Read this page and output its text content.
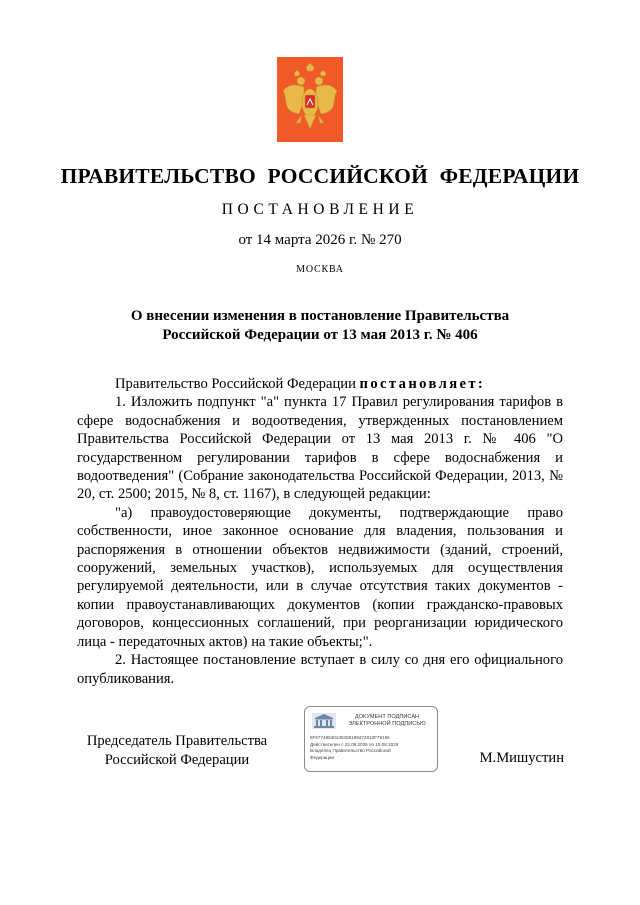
ПРАВИТЕЛЬСТВО РОССИЙСКОЙ ФЕДЕРАЦИИ
ПОСТАНОВЛЕНИЕ
от 14 марта 2026 г. № 270
МОСКВА
О внесении изменения в постановление Правительства
Российской Федерации от 13 мая 2013 г. № 406

Правительство Российской Федерации постановляет:

1. Изложить подпункт "а" пункта 17 Правил регулирования тарифов в сфере водоснабжения и водоотведения, утвержденных постановлением Правительства Российской Федерации от 13 мая 2013 г. № 406 "О государственном регулировании тарифов в сфере водоснабжения и водоотведения" (Собрание законодательства Российской Федерации, 2013, № 20, ст. 2500; 2015, № 8, ст. 1167), в следующей редакции:

"а) правоудостоверяющие документы, подтверждающие право собственности, иное законное основание для владения, пользования и распоряжения в отношении объектов недвижимости (зданий, строений, сооружений, земельных участков), используемых для осуществления регулируемой деятельности, или в случае отсутствия таких документов - копии правоустанавливающих документов (копии гражданско-правовых договоров, концессионных соглашений, при реорганизации юридического лица - передаточных актов) на такие объекты;".

2. Настоящее постановление вступает в силу со дня его официального опубликования.

Председатель Правительства
Российской Федерации
ДОКУМЕНТ ПОДПИСАН
ЭЛЕКТРОННОЙ ПОДПИСЬЮ
6F67748540130408198472810F79155
Действителен с 22.05.2025 по 15.08.2026
Владелец Правительство Российской
Федерации	М.Мишустин
